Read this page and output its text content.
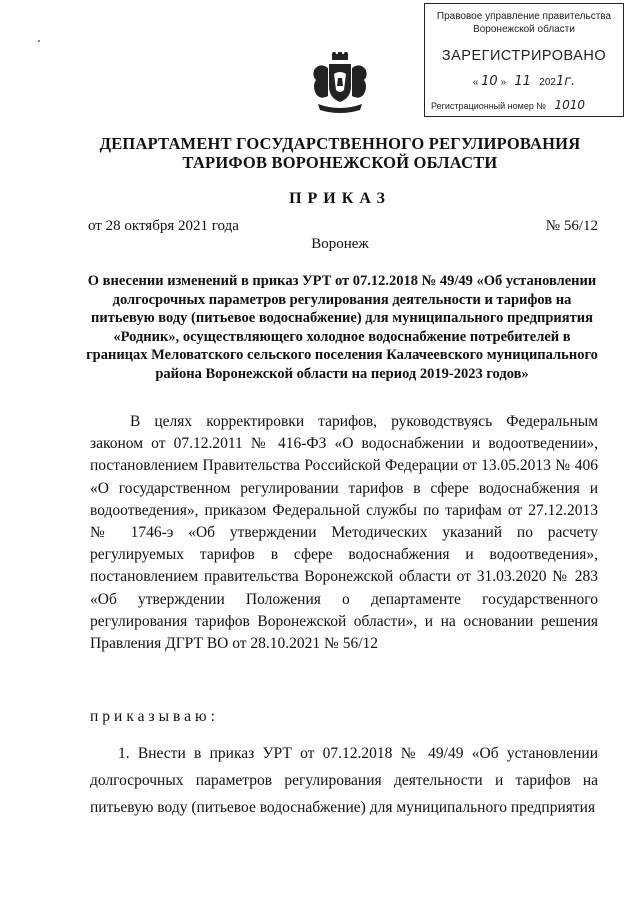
Правовое управление правительства
Воронежской области
ЗАРЕГИСТРИРОВАНО
« 10 » 11 2021г.
Регистрационный номер № 1010
ДЕПАРТАМЕНТ ГОСУДАРСТВЕННОГО РЕГУЛИРОВАНИЯ
ТАРИФОВ ВОРОНЕЖСКОЙ ОБЛАСТИ
ПРИКАЗ
от 28 октября 2021 года	№ 56/12
Воронеж
О внесении изменений в приказ УРТ от 07.12.2018 № 49/49 «Об установлении долгосрочных параметров регулирования деятельности и тарифов на питьевую воду (питьевое водоснабжение) для муниципального предприятия «Родник», осуществляющего холодное водоснабжение потребителей в границах Меловатского сельского поселения Калачеевского муниципального района Воронежской области на период 2019-2023 годов»

В целях корректировки тарифов, руководствуясь Федеральным законом от 07.12.2011 № 416-ФЗ «О водоснабжении и водоотведении», постановлением Правительства Российской Федерации от 13.05.2013 № 406 «О государственном регулировании тарифов в сфере водоснабжения и водоотведения», приказом Федеральной службы по тарифам от 27.12.2013 № 1746-э «Об утверждении Методических указаний по расчету регулируемых тарифов в сфере водоснабжения и водоотведения», постановлением правительства Воронежской области от 31.03.2020 № 283 «Об утверждении Положения о департаменте государственного регулирования тарифов Воронежской области», и на основании решения Правления ДГРТ ВО от 28.10.2021 № 56/12

приказываю:
1. Внести в приказ УРТ от 07.12.2018 № 49/49 «Об установлении долгосрочных параметров регулирования деятельности и тарифов на питьевую воду (питьевое водоснабжение) для муниципального предприятия
